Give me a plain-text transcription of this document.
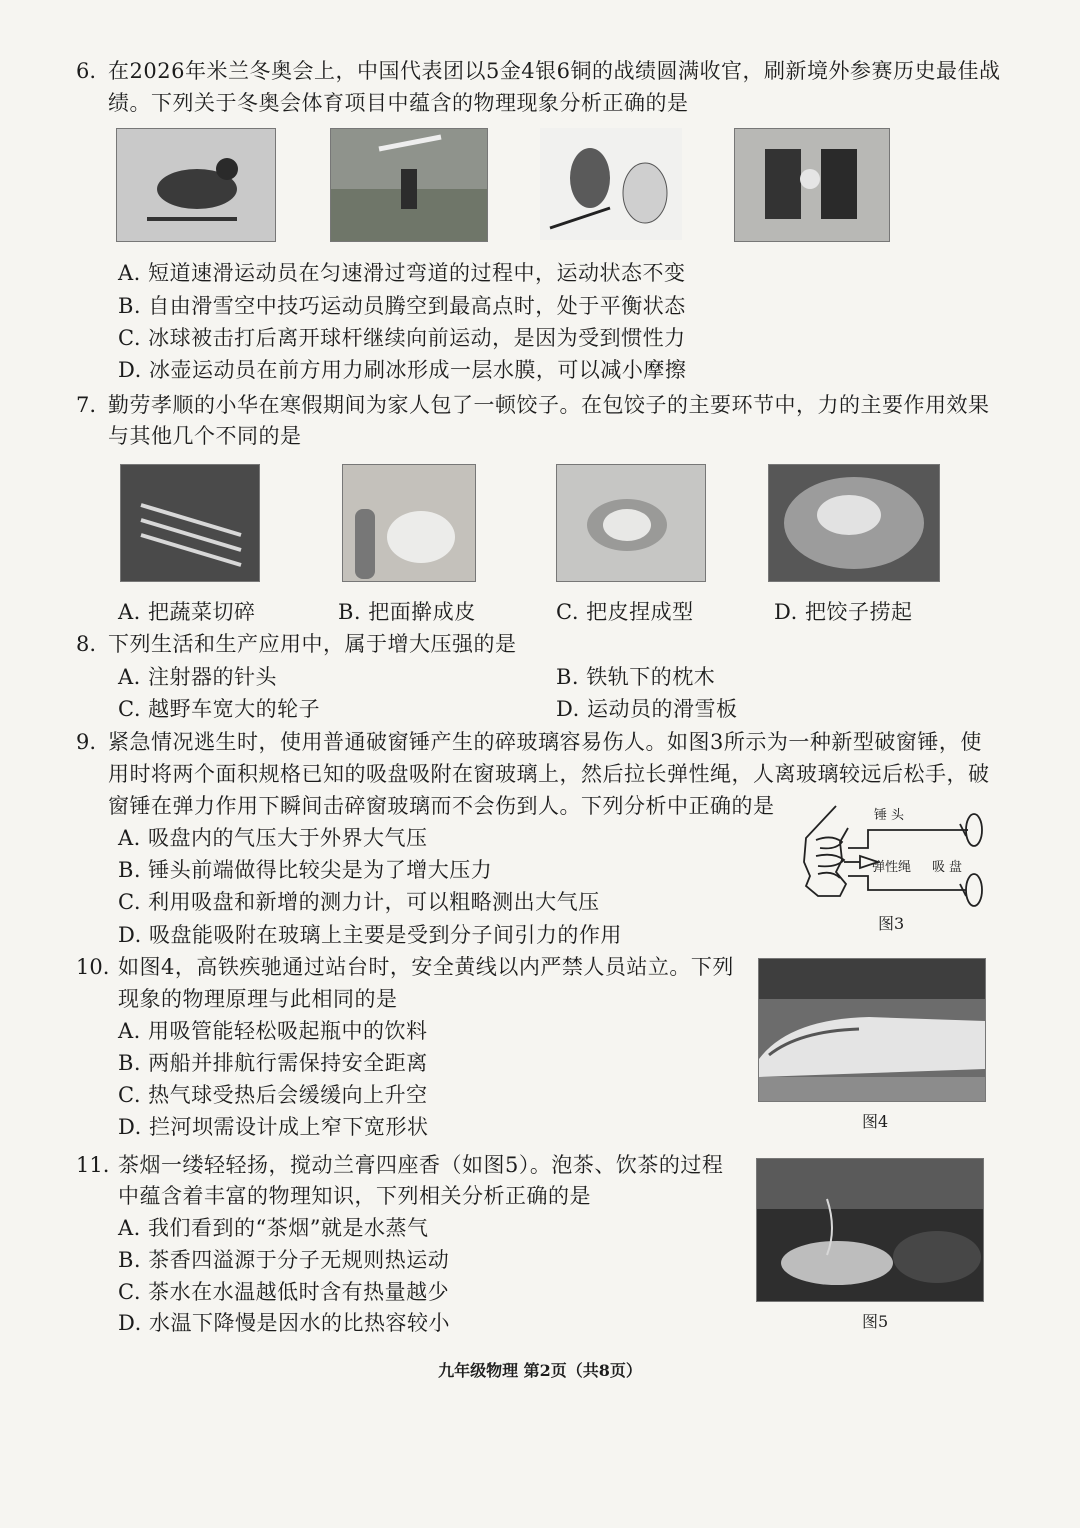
6. 在2026年米兰冬奥会上，中国代表团以5金4银6铜的战绩圆满收官，刷新境外参赛历史最佳战
绩。下列关于冬奥会体育项目中蕴含的物理现象分析正确的是
A. 短道速滑运动员在匀速滑过弯道的过程中，运动状态不变
B. 自由滑雪空中技巧运动员腾空到最高点时，处于平衡状态
C. 冰球被击打后离开球杆继续向前运动，是因为受到惯性力
D. 冰壶运动员在前方用力刷冰形成一层水膜，可以减小摩擦
7. 勤劳孝顺的小华在寒假期间为家人包了一顿饺子。在包饺子的主要环节中，力的主要作用效果
与其他几个不同的是
A. 把蔬菜切碎	B. 把面擀成皮	C. 把皮捏成型	D. 把饺子捞起
8. 下列生活和生产应用中，属于增大压强的是
A. 注射器的针头	B. 铁轨下的枕木
C. 越野车宽大的轮子	D. 运动员的滑雪板
9. 紧急情况逃生时，使用普通破窗锤产生的碎玻璃容易伤人。如图3所示为一种新型破窗锤，使
用时将两个面积规格已知的吸盘吸附在窗玻璃上，然后拉长弹性绳，人离玻璃较远后松手，破
窗锤在弹力作用下瞬间击碎窗玻璃而不会伤到人。下列分析中正确的是
A. 吸盘内的气压大于外界大气压
B. 锤头前端做得比较尖是为了增大压力
C. 利用吸盘和新增的测力计，可以粗略测出大气压
D. 吸盘能吸附在玻璃上主要是受到分子间引力的作用
锤头
弹性绳 吸盘
图3
10. 如图4，高铁疾驰通过站台时，安全黄线以内严禁人员站立。下列
现象的物理原理与此相同的是
A. 用吸管能轻松吸起瓶中的饮料
B. 两船并排航行需保持安全距离
C. 热气球受热后会缓缓向上升空
D. 拦河坝需设计成上窄下宽形状	图4
11. 茶烟一缕轻轻扬，搅动兰膏四座香（如图5）。泡茶、饮茶的过程
中蕴含着丰富的物理知识，下列相关分析正确的是
A. 我们看到的“茶烟”就是水蒸气
B. 茶香四溢源于分子无规则热运动
C. 茶水在水温越低时含有热量越少
D. 水温下降慢是因水的比热容较小	图5
九年级物理 第2页（共8页）
